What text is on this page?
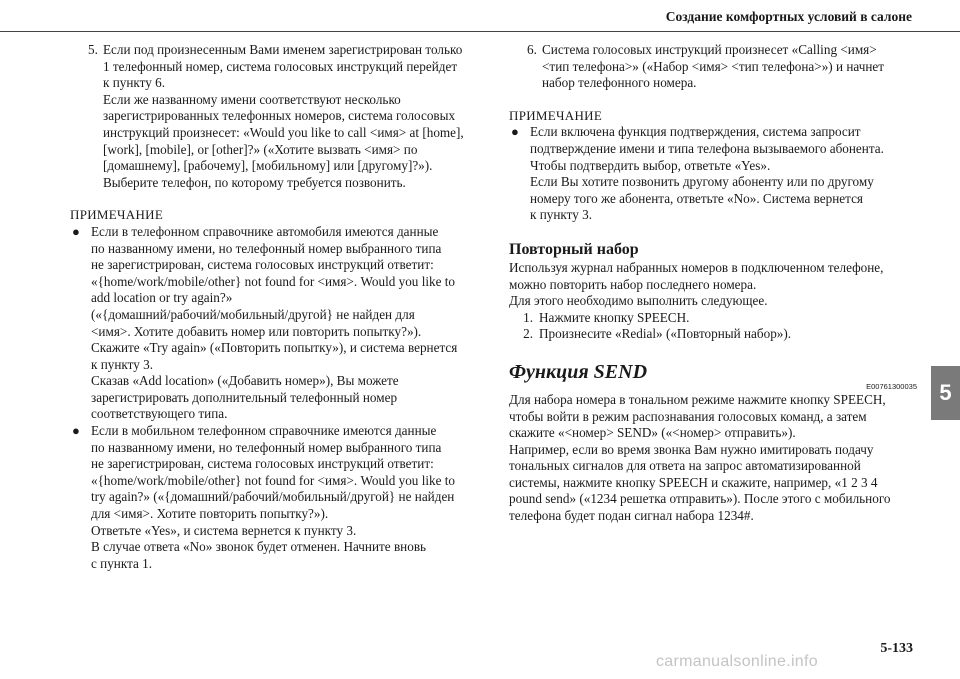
Создание комфортных условий в салоне
5
5. Если под произнесенным Вами именем зарегистрирован только
1 телефонный номер, система голосовых инструкций перейдет
к пункту 6.
Если же названному имени соответствуют несколько
зарегистрированных телефонных номеров, система голосовых
инструкций произнесет: «Would you like to call <имя> at [home],
[work], [mobile], or [other]?» («Хотите вызвать <имя> по
[домашнему], [рабочему], [мобильному] или [другому]?»).
Выберите телефон, по которому требуется позвонить.
ПРИМЕЧАНИЕ
● Если в телефонном справочнике автомобиля имеются данные
по названному имени, но телефонный номер выбранного типа
не зарегистрирован, система голосовых инструкций ответит:
«{home/work/mobile/other} not found for <имя>. Would you like to
add location or try again?»
(«{домашний/рабочий/мобильный/другой} не найден для
<имя>. Хотите добавить номер или повторить попытку?»).
Скажите «Try again» («Повторить попытку»), и система вернется
к пункту 3.
Сказав «Add location» («Добавить номер»), Вы можете
зарегистрировать дополнительный телефонный номер
соответствующего типа.
● Если в мобильном телефонном справочнике имеются данные
по названному имени, но телефонный номер выбранного типа
не зарегистрирован, система голосовых инструкций ответит:
«{home/work/mobile/other} not found for <имя>. Would you like to
try again?» («{домашний/рабочий/мобильный/другой} не найден
для <имя>. Хотите повторить попытку?»).
Ответьте «Yes», и система вернется к пункту 3.
В случае ответа «No» звонок будет отменен. Начните вновь
с пункта 1.
6. Система голосовых инструкций произнесет «Calling <имя>
<тип телефона>» («Набор <имя> <тип телефона>») и начнет
набор телефонного номера.
ПРИМЕЧАНИЕ
● Если включена функция подтверждения, система запросит
подтверждение имени и типа телефона вызываемого абонента.
Чтобы подтвердить выбор, ответьте «Yes».
Если Вы хотите позвонить другому абоненту или по другому
номеру того же абонента, ответьте «No». Система вернется
к пункту 3.
Повторный набор
Используя журнал набранных номеров в подключенном телефоне,
можно повторить набор последнего номера.
Для этого необходимо выполнить следующее.
1. Нажмите кнопку SPEECH.
2. Произнесите «Redial» («Повторный набор»).
Функция SEND
E00761300035
Для набора номера в тональном режиме нажмите кнопку SPEECH,
чтобы войти в режим распознавания голосовых команд, а затем
скажите «<номер> SEND» («<номер> отправить»).
Например, если во время звонка Вам нужно имитировать подачу
тональных сигналов для ответа на запрос автоматизированной
системы, нажмите кнопку SPEECH и скажите, например, «1 2 3 4
pound send» («1234 решетка отправить»). После этого с мобильного
телефона будет подан сигнал набора 1234#.
5-133
carmanualsonline.info
